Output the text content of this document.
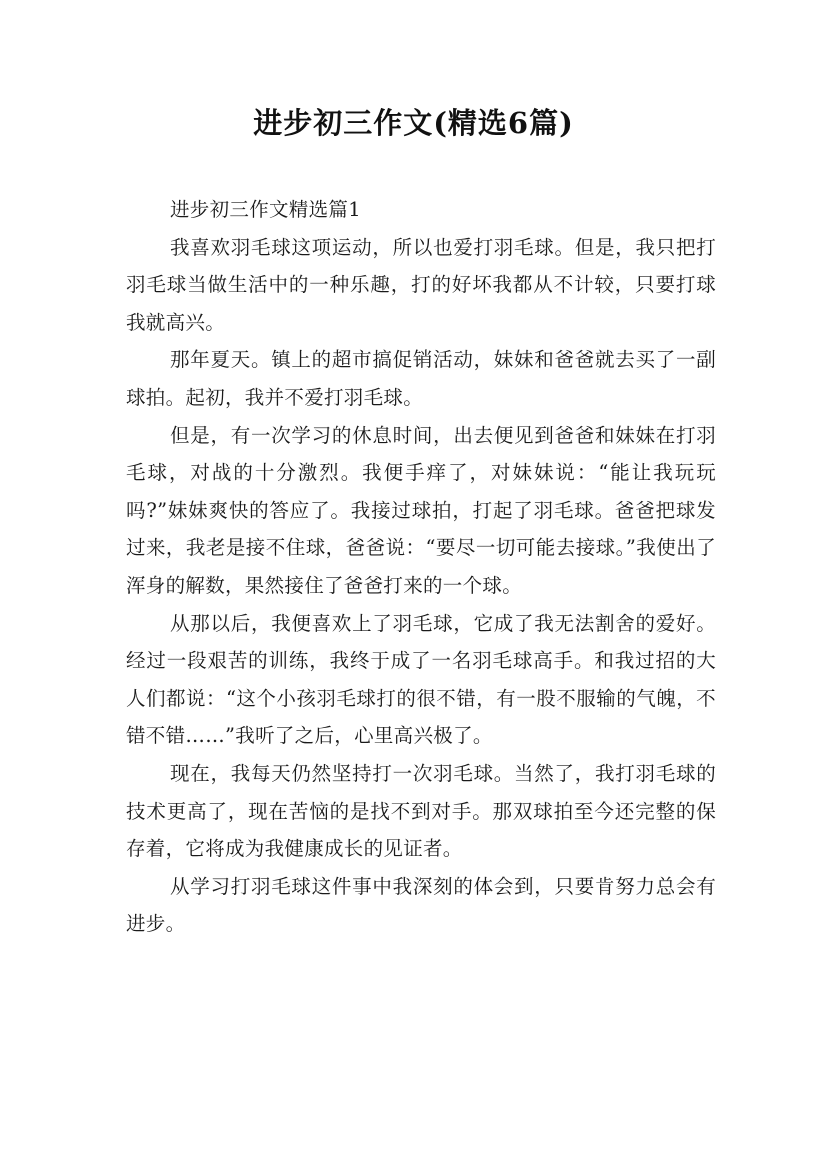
进步初三作文(精选6篇)

进步初三作文精选篇1

我喜欢羽毛球这项运动，所以也爱打羽毛球。但是，我只把打羽毛球当做生活中的一种乐趣，打的好坏我都从不计较，只要打球我就高兴。

那年夏天。镇上的超市搞促销活动，妹妹和爸爸就去买了一副球拍。起初，我并不爱打羽毛球。

但是，有一次学习的休息时间，出去便见到爸爸和妹妹在打羽毛球，对战的十分激烈。我便手痒了，对妹妹说：“能让我玩玩吗?”妹妹爽快的答应了。我接过球拍，打起了羽毛球。爸爸把球发过来，我老是接不住球，爸爸说：“要尽一切可能去接球。”我使出了浑身的解数，果然接住了爸爸打来的一个球。

从那以后，我便喜欢上了羽毛球，它成了我无法割舍的爱好。经过一段艰苦的训练，我终于成了一名羽毛球高手。和我过招的大人们都说：“这个小孩羽毛球打的很不错，有一股不服输的气魄，不错不错……”我听了之后，心里高兴极了。

现在，我每天仍然坚持打一次羽毛球。当然了，我打羽毛球的技术更高了，现在苦恼的是找不到对手。那双球拍至今还完整的保存着，它将成为我健康成长的见证者。

从学习打羽毛球这件事中我深刻的体会到，只要肯努力总会有进步。
